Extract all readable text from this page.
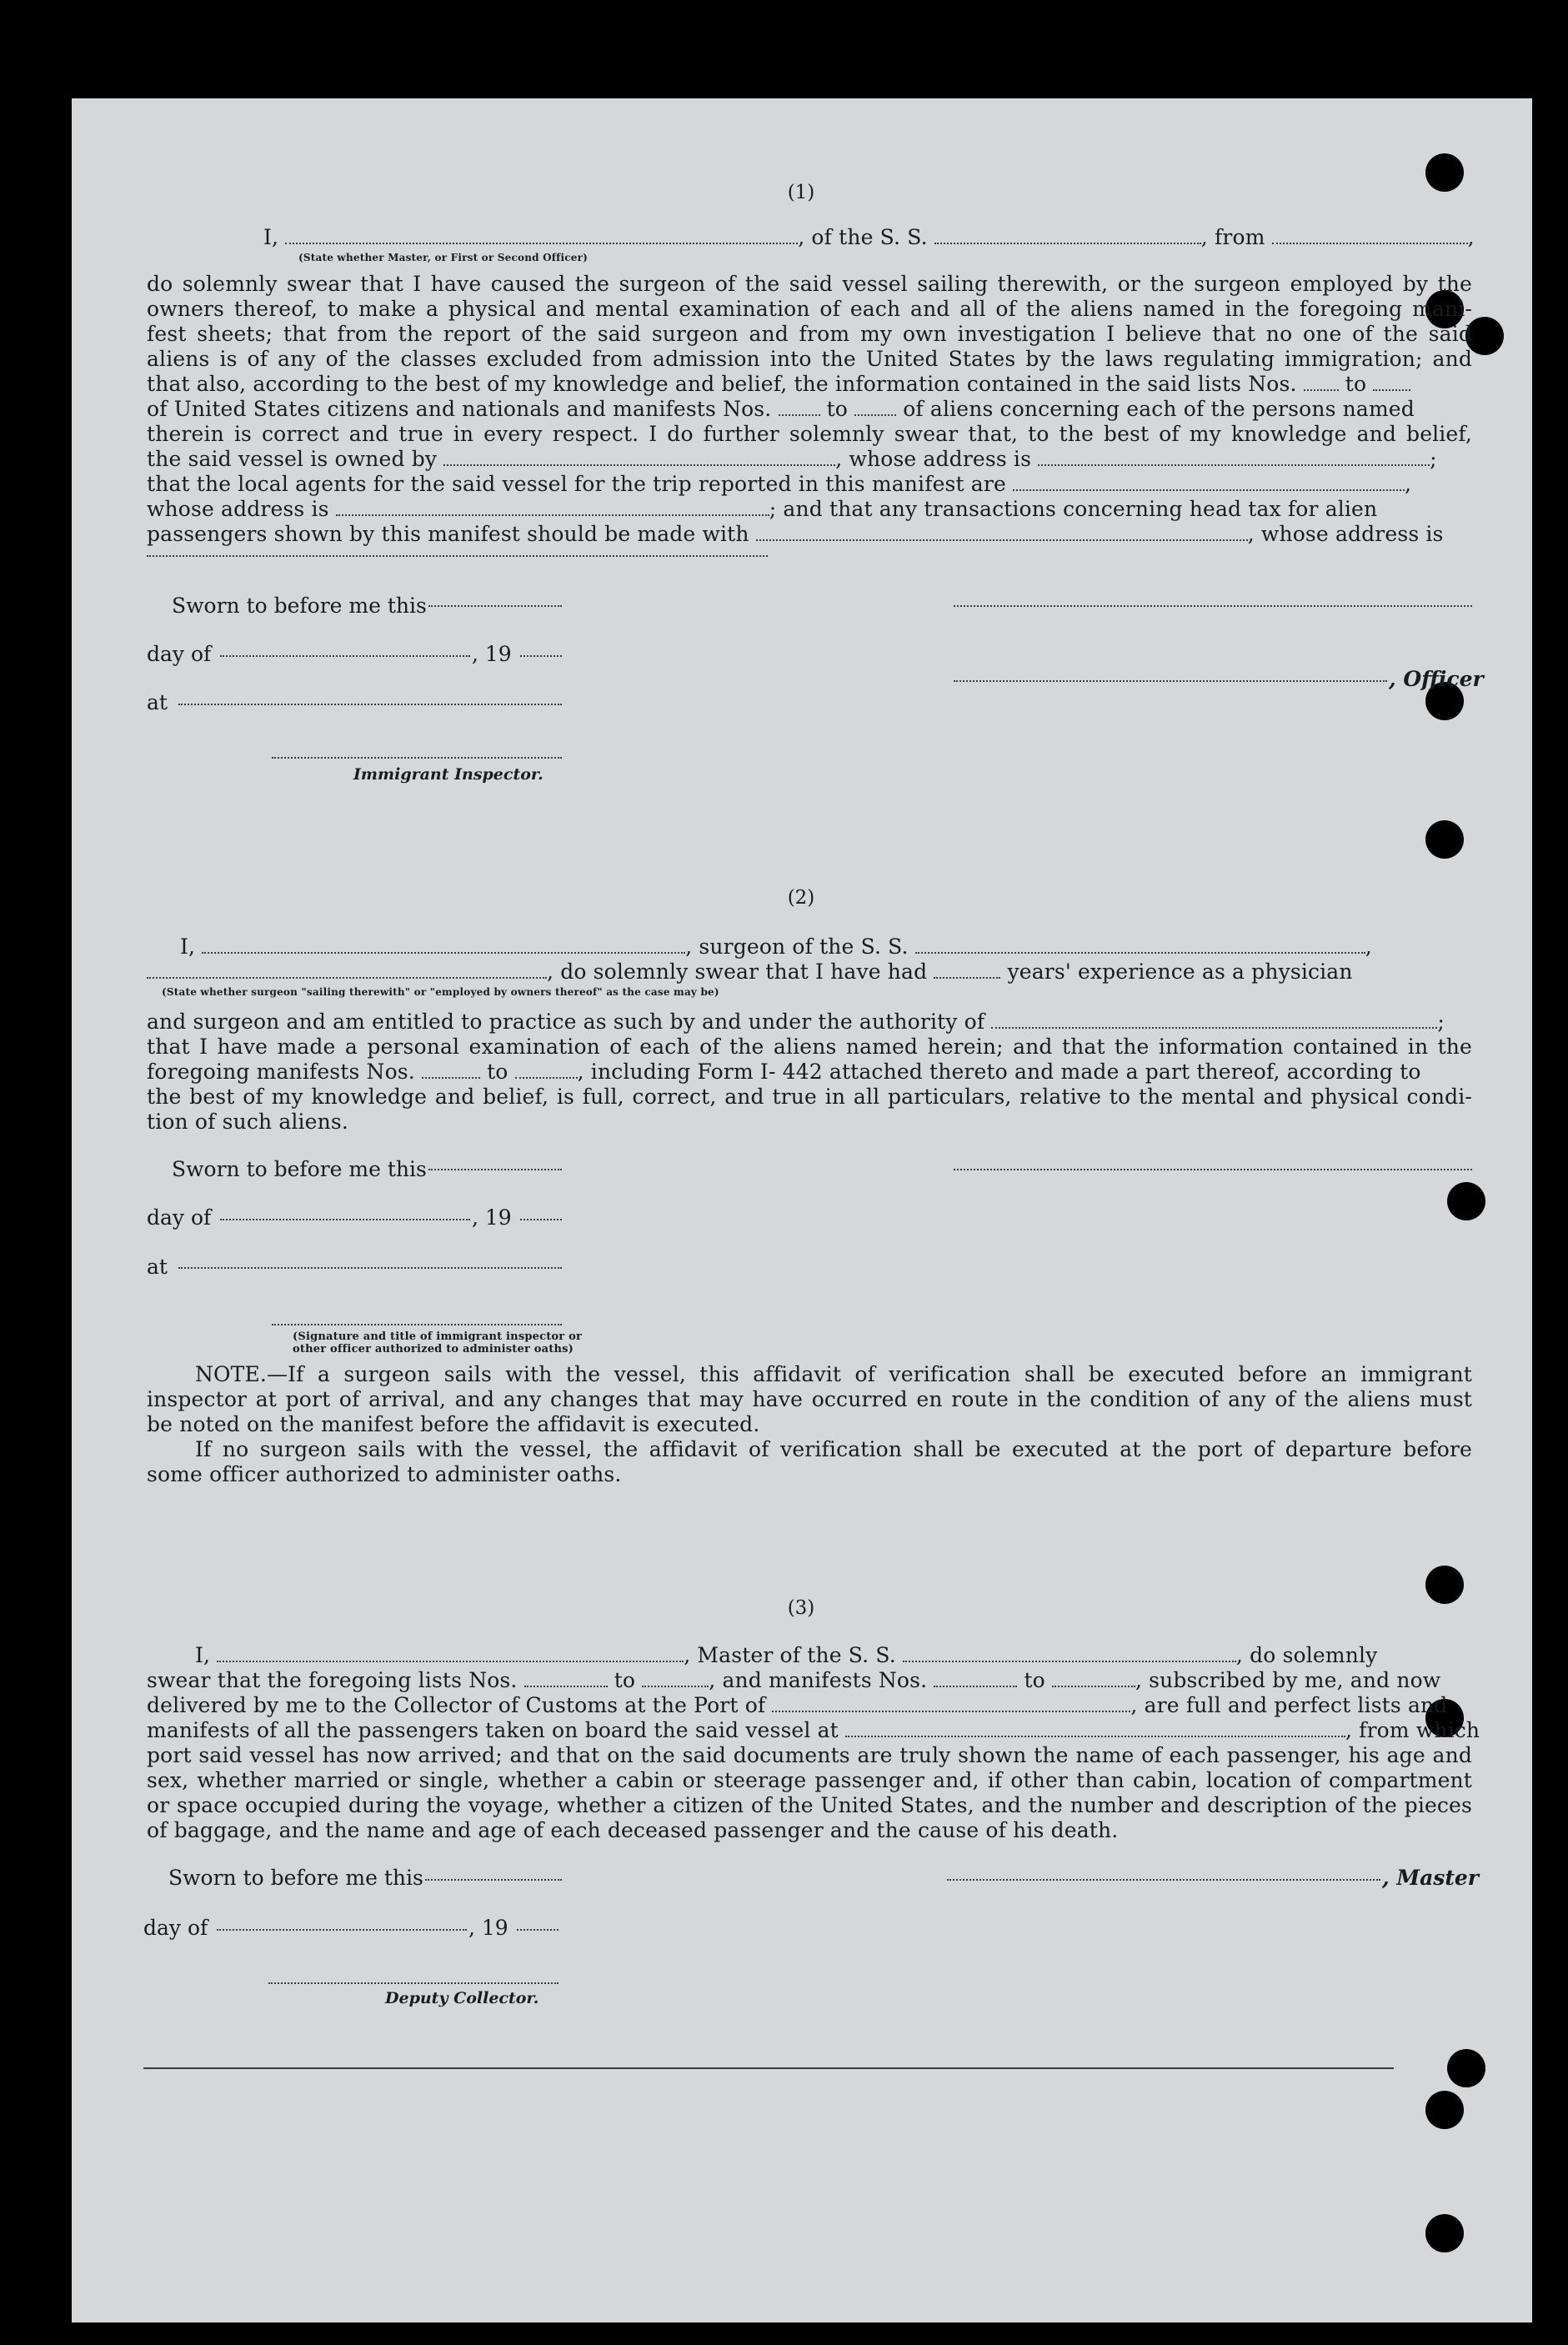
(1)
I,	, of the S. S.	, from	,
(State whether Master, or First or Second Officer)
do solemnly swear that I have caused the surgeon of the said vessel sailing therewith, or the surgeon employed by the
owners thereof, to make a physical and mental examination of each and all of the aliens named in the foregoing mani-
fest sheets; that from the report of the said surgeon and from my own investigation I believe that no one of the said
aliens is of any of the classes excluded from admission into the United States by the laws regulating immigration; and
that also, according to the best of my knowledge and belief, the information contained in the said lists Nos. to
of United States citizens and nationals and manifests Nos.	to	of aliens concerning each of the persons named
therein is correct and true in every respect. I do further solemnly swear that, to the best of my knowledge and belief,
the said vessel is owned by	, whose address is	;
that the local agents for the said vessel for the trip reported in this manifest are	,
whose address is	; and that any transactions concerning head tax for alien
passengers shown by this manifest should be made with	, whose address is
Sworn to before me this
day of	, 19
, Officer
at
Immigrant Inspector.
(2)
I,	, surgeon of the S. S.	,
, do solemnly swear that I have had	years' experience as a physician
(State whether surgeon "sailing therewith" or "employed by owners thereof" as the case may be)
and surgeon and am entitled to practice as such by and under the authority of	;
that I have made a personal examination of each of the aliens named herein; and that the information contained in the
foregoing manifests Nos.	to	, including Form I- 442 attached thereto and made a part thereof, according to
the best of my knowledge and belief, is full, correct, and true in all particulars, relative to the mental and physical condi-
tion of such aliens.
Sworn to before me this
day of	, 19
at
(Signature and title of immigrant inspector or
other officer authorized to administer oaths)
NOTE.—If a surgeon sails with the vessel, this affidavit of verification shall be executed before an immigrant
inspector at port of arrival, and any changes that may have occurred en route in the condition of any of the aliens must
be noted on the manifest before the affidavit is executed.
If no surgeon sails with the vessel, the affidavit of verification shall be executed at the port of departure before
some officer authorized to administer oaths.
(3)
I,	, Master of the S. S.	, do solemnly
swear that the foregoing lists Nos.	to	, and manifests Nos.	to	, subscribed by me, and now
delivered by me to the Collector of Customs at the Port of	, are full and perfect lists and
manifests of all the passengers taken on board the said vessel at	, from which
port said vessel has now arrived; and that on the said documents are truly shown the name of each passenger, his age and
sex, whether married or single, whether a cabin or steerage passenger and, if other than cabin, location of compartment
or space occupied during the voyage, whether a citizen of the United States, and the number and description of the pieces
of baggage, and the name and age of each deceased passenger and the cause of his death.
Sworn to before me this	, Master
day of	, 19
Deputy Collector.
